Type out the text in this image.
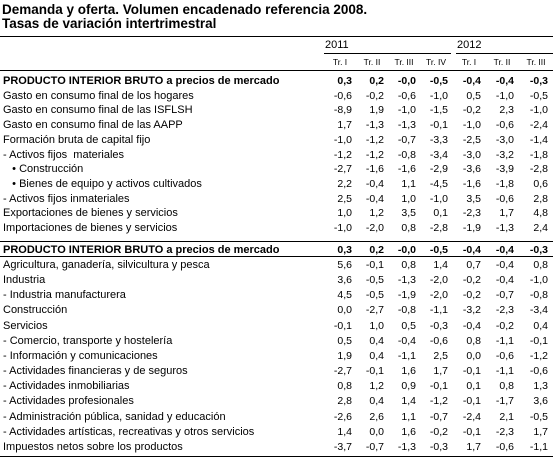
Demanda y oferta. Volumen encadenado referencia 2008.
Tasas de variación intertrimestral
2011	2012
Tr. I	Tr. II	Tr. III	Tr. IV	Tr. I	Tr. II	Tr. III
PRODUCTO INTERIOR BRUTO a precios de mercado	0,3	0,2	-0,0	-0,5	-0,4	-0,4	-0,3
Gasto en consumo final de los hogares	-0,6	-0,2	-0,6	-1,0	0,5	-1,0	-0,5
Gasto en consumo final de las ISFLSH	-8,9	1,9	-1,0	-1,5	-0,2	2,3	-1,0
Gasto en consumo final de las AAPP	1,7	-1,3	-1,3	-0,1	-1,0	-0,6	-2,4
Formación bruta de capital fijo	-1,0	-1,2	-0,7	-3,3	-2,5	-3,0	-1,4
- Activos fijos  materiales	-1,2	-1,2	-0,8	-3,4	-3,0	-3,2	-1,8
• Construcción	-2,7	-1,6	-1,6	-2,9	-3,6	-3,9	-2,8
• Bienes de equipo y activos cultivados	2,2	-0,4	1,1	-4,5	-1,6	-1,8	0,6
- Activos fijos inmateriales	2,5	-0,4	1,0	-1,0	3,5	-0,6	2,8
Exportaciones de bienes y servicios	1,0	1,2	3,5	0,1	-2,3	1,7	4,8
Importaciones de bienes y servicios	-1,0	-2,0	0,8	-2,8	-1,9	-1,3	2,4
PRODUCTO INTERIOR BRUTO a precios de mercado	0,3	0,2	-0,0	-0,5	-0,4	-0,4	-0,3
Agricultura, ganadería, silvicultura y pesca	5,6	-0,1	0,8	1,4	0,7	-0,4	0,8
Industria	3,6	-0,5	-1,3	-2,0	-0,2	-0,4	-1,0
- Industria manufacturera	4,5	-0,5	-1,9	-2,0	-0,2	-0,7	-0,8
Construcción	0,0	-2,7	-0,8	-1,1	-3,2	-2,3	-3,4
Servicios	-0,1	1,0	0,5	-0,3	-0,4	-0,2	0,4
- Comercio, transporte y hostelería	0,5	0,4	-0,4	-0,6	0,8	-1,1	-0,1
- Información y comunicaciones	1,9	0,4	-1,1	2,5	0,0	-0,6	-1,2
- Actividades financieras y de seguros	-2,7	-0,1	1,6	1,7	-0,1	-1,1	-0,6
- Actividades inmobiliarias	0,8	1,2	0,9	-0,1	0,1	0,8	1,3
- Actividades profesionales	2,8	0,4	1,4	-1,2	-0,1	-1,7	3,6
- Administración pública, sanidad y educación	-2,6	2,6	1,1	-0,7	-2,4	2,1	-0,5
- Actividades artísticas, recreativas y otros servicios	1,4	0,0	1,6	-0,2	-0,1	-2,3	1,7
Impuestos netos sobre los productos	-3,7	-0,7	-1,3	-0,3	1,7	-0,6	-1,1
